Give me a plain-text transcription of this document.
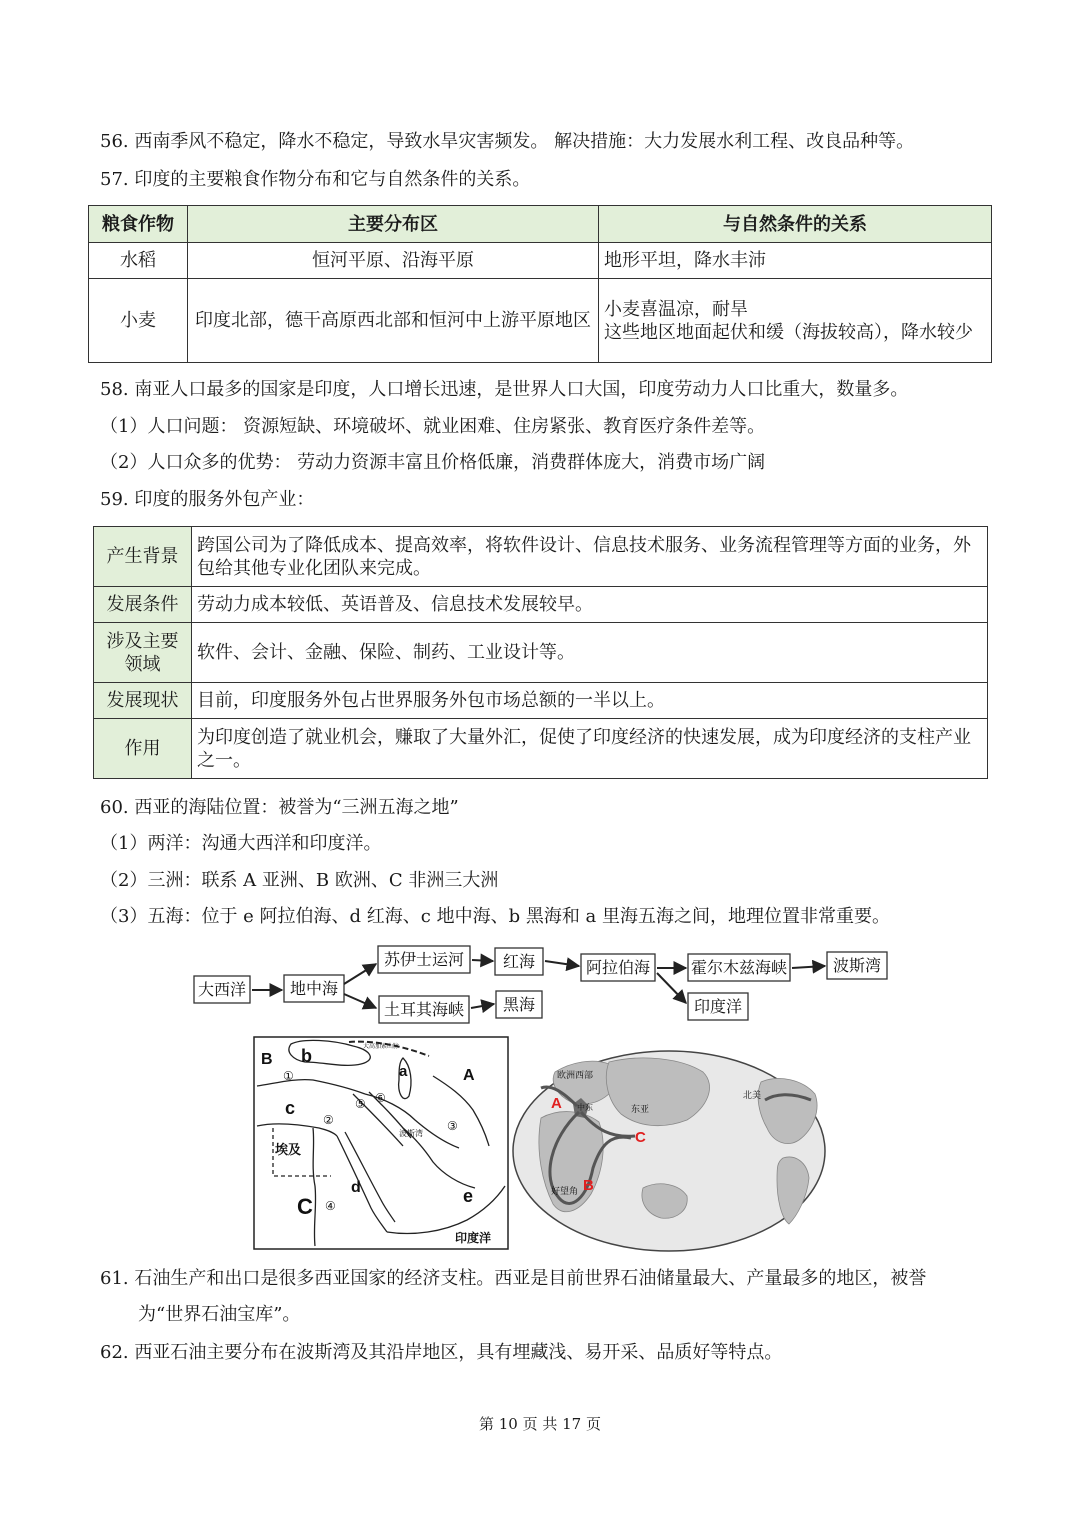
56. 西南季风不稳定，降水不稳定，导致水旱灾害频发。 解决措施：大力发展水利工程、改良品种等。
57. 印度的主要粮食作物分布和它与自然条件的关系。
粮食作物	主要分布区	与自然条件的关系
水稻	恒河平原、沿海平原	地形平坦，降水丰沛
小麦	印度北部，德干高原西北部和恒河中上游平原地区	小麦喜温凉，耐旱
这些地区地面起伏和缓（海拔较高），降水较少
58. 南亚人口最多的国家是印度，人口增长迅速，是世界人口大国，印度劳动力人口比重大，数量多。
（1）人口问题： 资源短缺、环境破坏、就业困难、住房紧张、教育医疗条件差等。
（2）人口众多的优势： 劳动力资源丰富且价格低廉，消费群体庞大，消费市场广阔
59. 印度的服务外包产业：
产生背景	跨国公司为了降低成本、提高效率，将软件设计、信息技术服务、业务流程管理等方面的业务，外包给其他专业化团队来完成。
发展条件	劳动力成本较低、英语普及、信息技术发展较早。
涉及主要领域	软件、会计、金融、保险、制药、工业设计等。
发展现状	目前，印度服务外包占世界服务外包市场总额的一半以上。
作用	为印度创造了就业机会，赚取了大量外汇，促使了印度经济的快速发展，成为印度经济的支柱产业之一。
60. 西亚的海陆位置：被誉为“三洲五海之地”
（1）两洋：沟通大西洋和印度洋。
（2）三洲：联系 A 亚洲、B 欧洲、C 非洲三大洲
（3）五海：位于 e 阿拉伯海、d 红海、c 地中海、b 黑海和 a 里海五海之间，地理位置非常重要。
大西洋	地中海
苏伊士运河 红海	阿拉伯海	霍尔木兹海峡	波斯湾
土耳其海峡 黑海	印度洋
B b
a	A
c
C
d	e
埃及
印度洋
大高加索山脉
波斯湾
①
②	③
④
⑤ ⑥	A
B
C
欧洲西部
中东	东亚
北美
好望角
61. 石油生产和出口是很多西亚国家的经济支柱。西亚是目前世界石油储量最大、产量最多的地区，被誉
为“世界石油宝库”。
62. 西亚石油主要分布在波斯湾及其沿岸地区，具有埋藏浅、易开采、品质好等特点。
第 10 页 共 17 页
